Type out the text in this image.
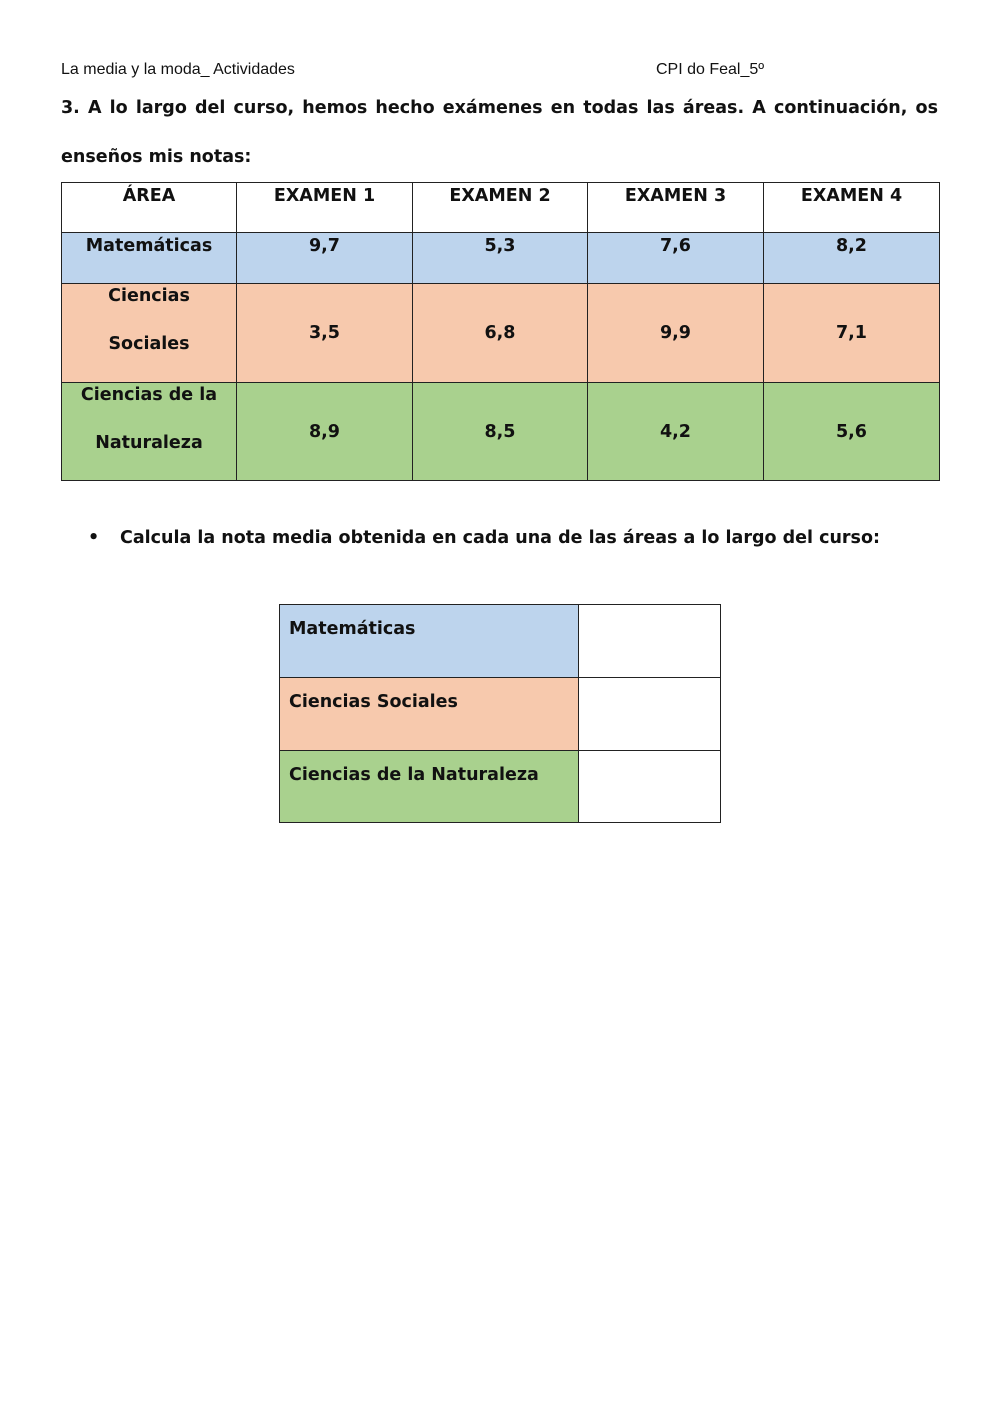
La media y la moda_ Actividades	CPI do Feal_5º

3. A lo largo del curso, hemos hecho exámenes en todas las áreas. A continuación, os enseños mis notas:

ÁREA	EXAMEN 1	EXAMEN 2	EXAMEN 3	EXAMEN 4
Matemáticas	9,7	5,3	7,6	8,2

Ciencias
Sociales	3,5	6,8	9,9	7,1

Ciencias de la
Naturaleza	8,9	8,5	4,2	5,6
• Calcula la nota media obtenida en cada una de las áreas a lo largo del curso:
Matemáticas	
Ciencias Sociales	
Ciencias de la Naturaleza	
